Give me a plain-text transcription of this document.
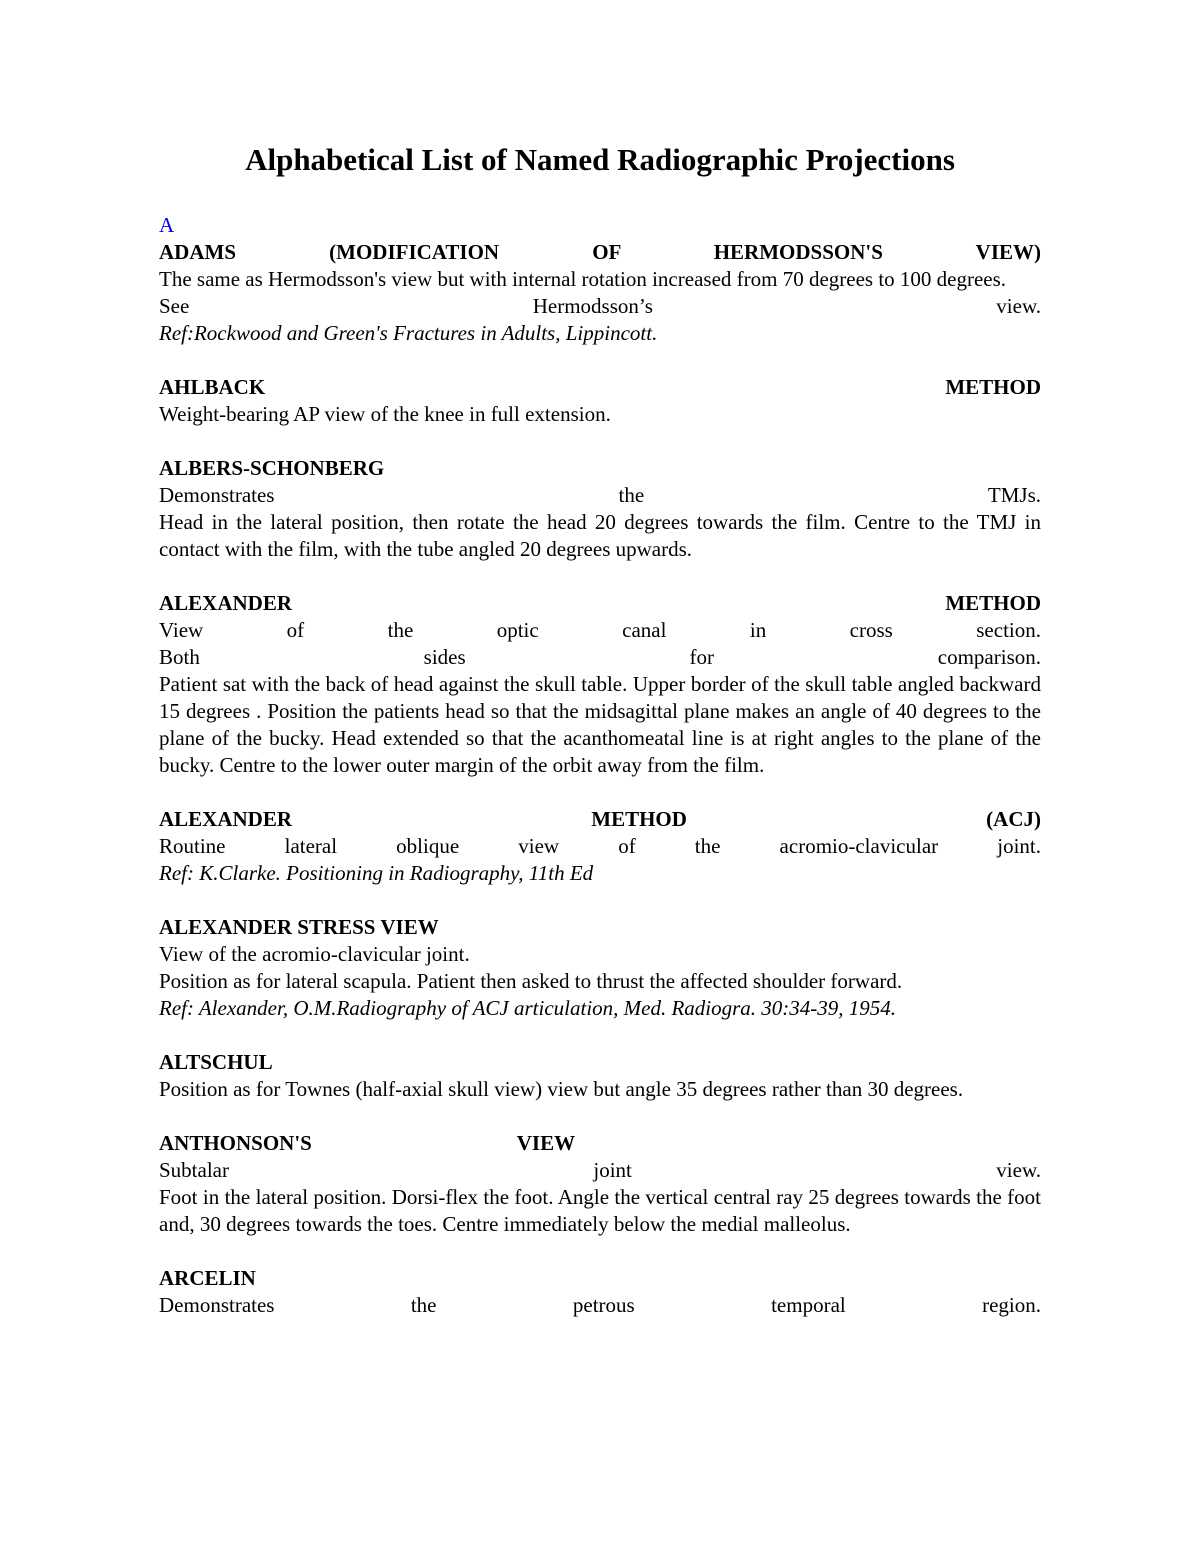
Alphabetical List of Named Radiographic Projections
A
ADAMS (MODIFICATION OF HERMODSSON'S VIEW)
The same as Hermodsson's view but with internal rotation increased from 70 degrees to 100 degrees. See Hermodsson’s view.
Ref:Rockwood and Green's Fractures in Adults, Lippincott.
AHLBACK METHOD
Weight-bearing AP view of the knee in full extension.
ALBERS-SCHONBERG
Demonstrates the TMJs.
Head in the lateral position, then rotate the head 20 degrees towards the film. Centre to the TMJ in contact with the film, with the tube angled 20 degrees upwards.
ALEXANDER METHOD
View of the optic canal in cross section.
Both sides for comparison.
Patient sat with the back of head against the skull table. Upper border of the skull table angled backward 15 degrees . Position the patients head so that the midsagittal plane makes an angle of 40 degrees to the plane of the bucky. Head extended so that the acanthomeatal line is at right angles to the plane of the bucky. Centre to the lower outer margin of the orbit away from the film.
ALEXANDER METHOD (ACJ)
Routine lateral oblique view of the acromio-clavicular joint.
Ref: K.Clarke. Positioning in Radiography, 11th Ed
ALEXANDER STRESS VIEW
View of the acromio-clavicular joint.
Position as for lateral scapula. Patient then asked to thrust the affected shoulder forward.
Ref: Alexander, O.M.Radiography of ACJ articulation, Med. Radiogra. 30:34-39, 1954.
ALTSCHUL
Position as for Townes (half-axial skull view) view but angle 35 degrees rather than 30 degrees.
ANTHONSON'S VIEW
Subtalar joint view.
Foot in the lateral position. Dorsi-flex the foot. Angle the vertical central ray 25 degrees towards the foot and, 30 degrees towards the toes. Centre immediately below the medial malleolus.
ARCELIN
Demonstrates the petrous temporal region.
